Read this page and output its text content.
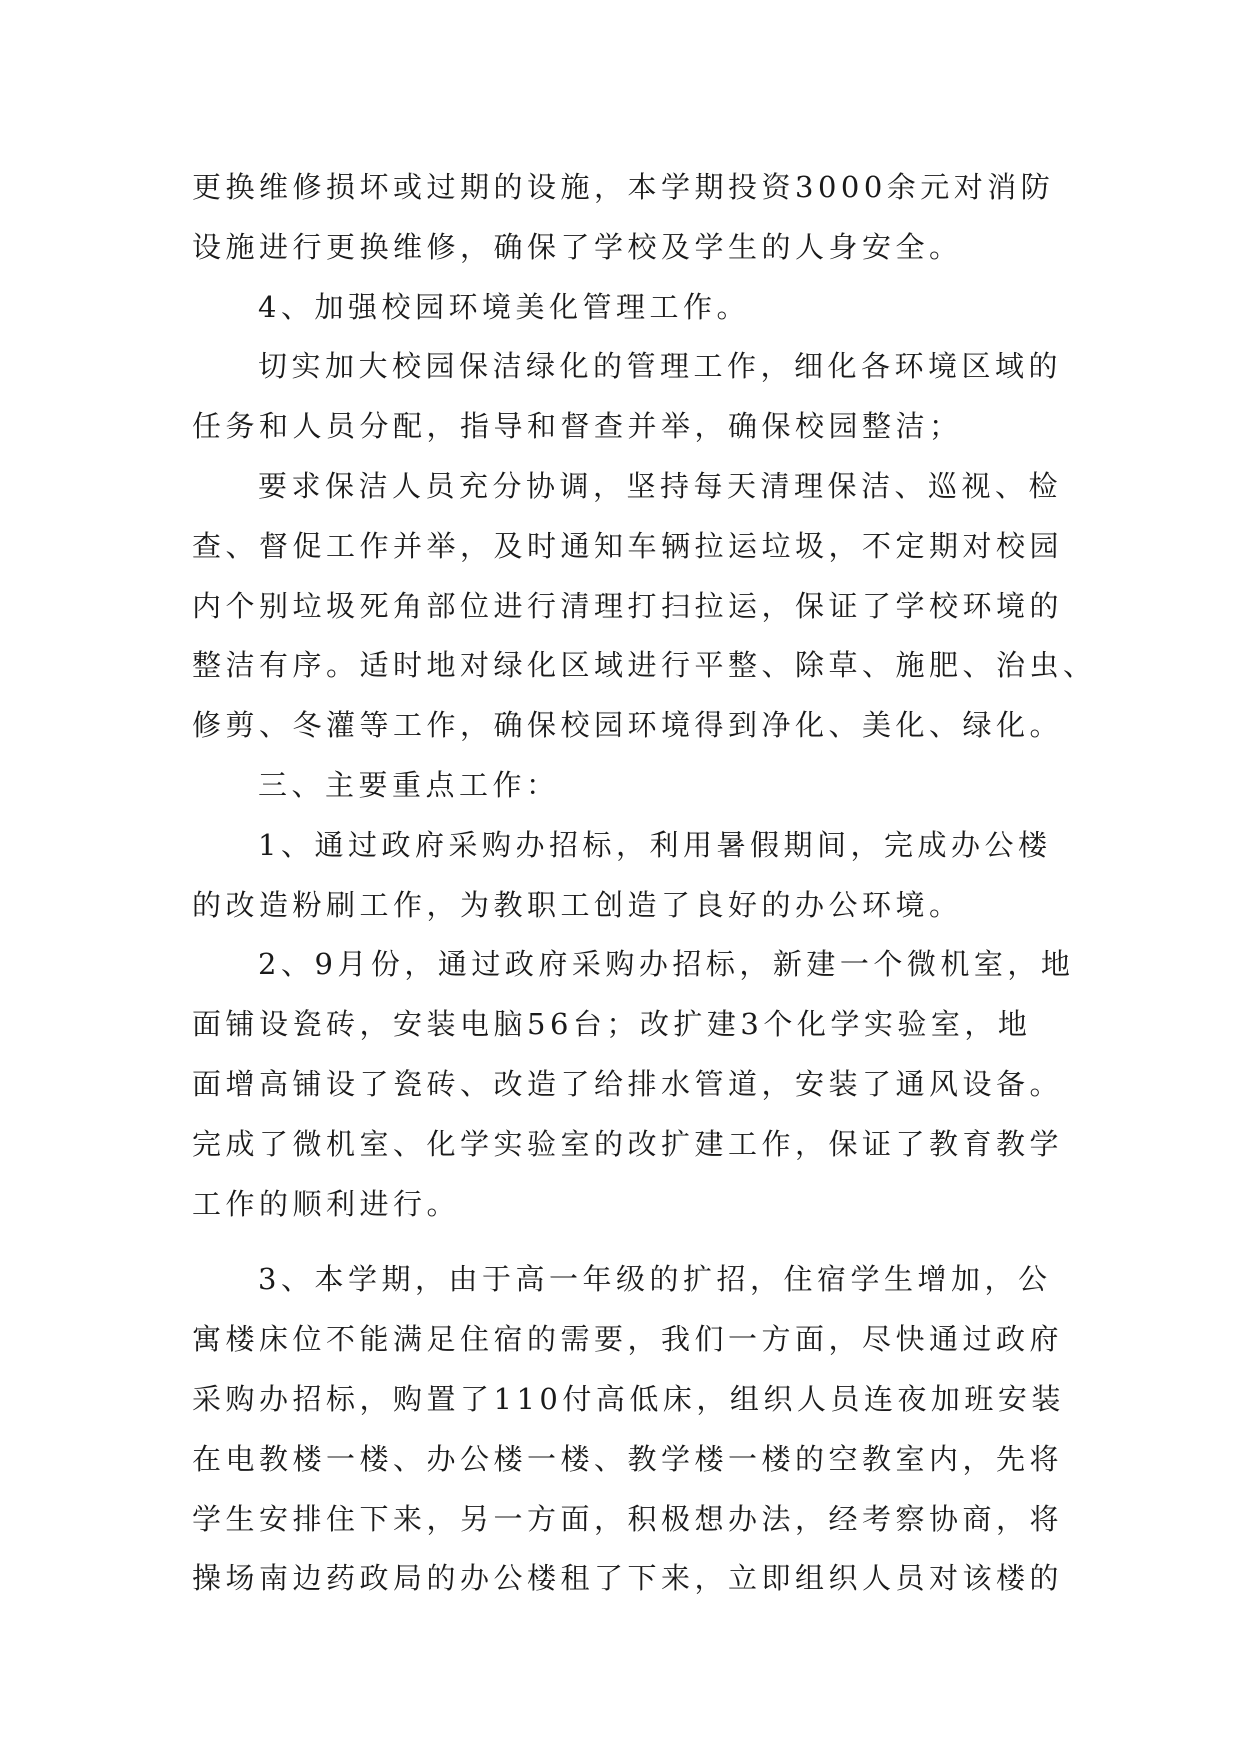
更换维修损坏或过期的设施，本学期投资3000余元对消防
设施进行更换维修，确保了学校及学生的人身安全。
4、加强校园环境美化管理工作。
切实加大校园保洁绿化的管理工作，细化各环境区域的
任务和人员分配，指导和督查并举，确保校园整洁；
要求保洁人员充分协调，坚持每天清理保洁、巡视、检
查、督促工作并举，及时通知车辆拉运垃圾，不定期对校园
内个别垃圾死角部位进行清理打扫拉运，保证了学校环境的
整洁有序。适时地对绿化区域进行平整、除草、施肥、治虫、
修剪、冬灌等工作，确保校园环境得到净化、美化、绿化。
三、主要重点工作：
1、通过政府采购办招标，利用暑假期间，完成办公楼
的改造粉刷工作，为教职工创造了良好的办公环境。
2、9月份，通过政府采购办招标，新建一个微机室，地
面铺设瓷砖，安装电脑56台；改扩建3个化学实验室，地
面增高铺设了瓷砖、改造了给排水管道，安装了通风设备。
完成了微机室、化学实验室的改扩建工作，保证了教育教学
工作的顺利进行。
3、本学期，由于高一年级的扩招，住宿学生增加，公
寓楼床位不能满足住宿的需要，我们一方面，尽快通过政府
采购办招标，购置了110付高低床，组织人员连夜加班安装
在电教楼一楼、办公楼一楼、教学楼一楼的空教室内，先将
学生安排住下来，另一方面，积极想办法，经考察协商，将
操场南边药政局的办公楼租了下来，立即组织人员对该楼的
